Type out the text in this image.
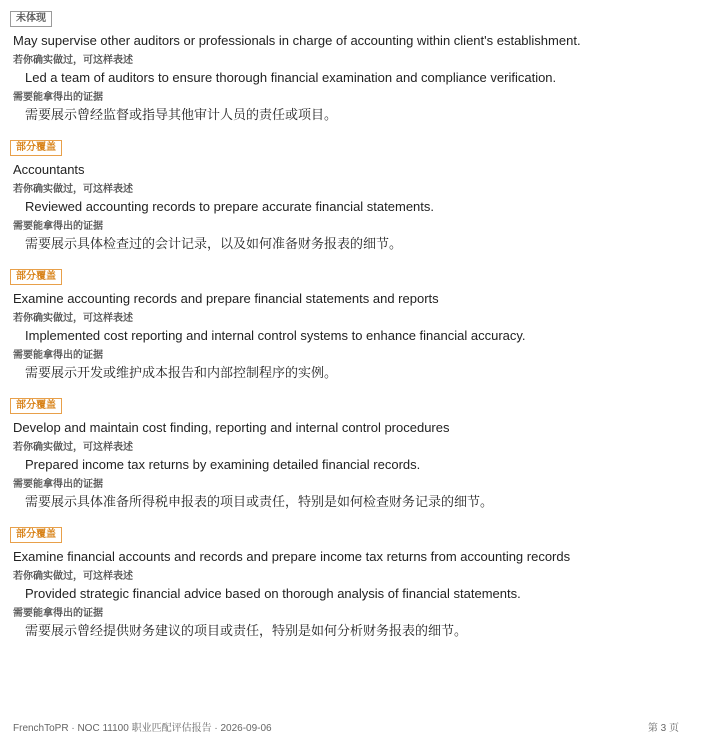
未体现
May supervise other auditors or professionals in charge of accounting within client's establishment.
若你确实做过，可这样表述
Led a team of auditors to ensure thorough financial examination and compliance verification.
需要能拿得出的证据
需要展示曾经监督或指导其他审计人员的责任或项目。
部分覆盖
Accountants
若你确实做过，可这样表述
Reviewed accounting records to prepare accurate financial statements.
需要能拿得出的证据
需要展示具体检查过的会计记录，以及如何准备财务报表的细节。
部分覆盖
Examine accounting records and prepare financial statements and reports
若你确实做过，可这样表述
Implemented cost reporting and internal control systems to enhance financial accuracy.
需要能拿得出的证据
需要展示开发或维护成本报告和内部控制程序的实例。
部分覆盖
Develop and maintain cost finding, reporting and internal control procedures
若你确实做过，可这样表述
Prepared income tax returns by examining detailed financial records.
需要能拿得出的证据
需要展示具体准备所得税申报表的项目或责任，特别是如何检查财务记录的细节。
部分覆盖
Examine financial accounts and records and prepare income tax returns from accounting records
若你确实做过，可这样表述
Provided strategic financial advice based on thorough analysis of financial statements.
需要能拿得出的证据
需要展示曾经提供财务建议的项目或责任，特别是如何分析财务报表的细节。
FrenchToPR · NOC 11100 职业匹配评估报告 · 2026-09-06	第 3 页
